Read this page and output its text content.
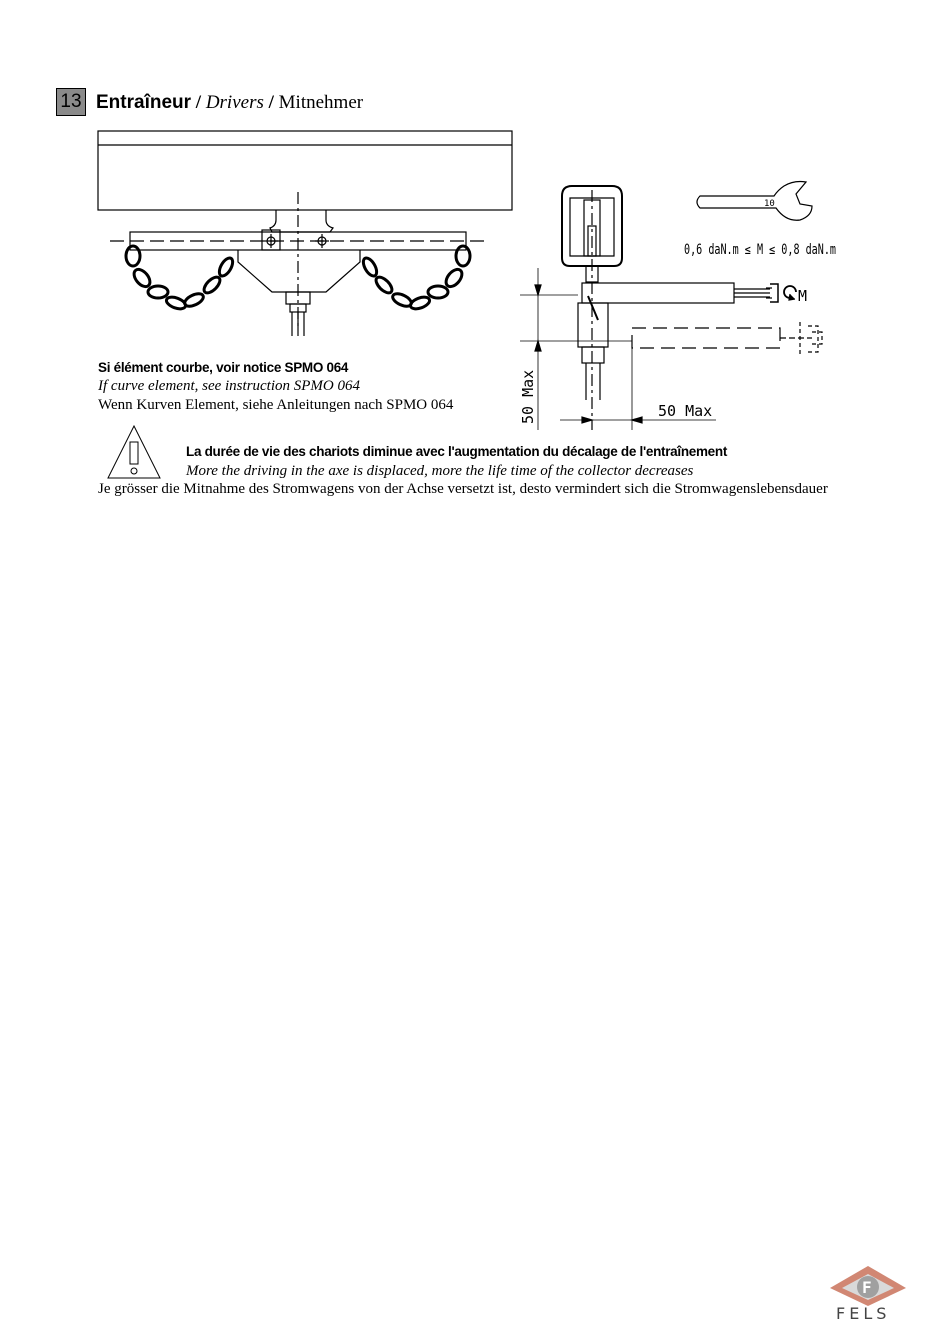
13 Entraîneur / Drivers / Mitnehmer
10
0,6 daN.m ≤ M ≤ 0,8 daN.m
M
50 Max	50 Max
Si élément courbe, voir notice SPMO 064
If curve element, see instruction SPMO 064
Wenn Kurven Element, siehe Anleitungen nach SPMO 064
La durée de vie des chariots diminue avec l'augmentation du décalage de l'entraînement
More the driving in the axe is displaced, more the life time of the collector decreases
Je grösser die Mitnahme des Stromwagens von der Achse versetzt ist, desto vermindert sich die Stromwagenslebensdauer
F
FELS
